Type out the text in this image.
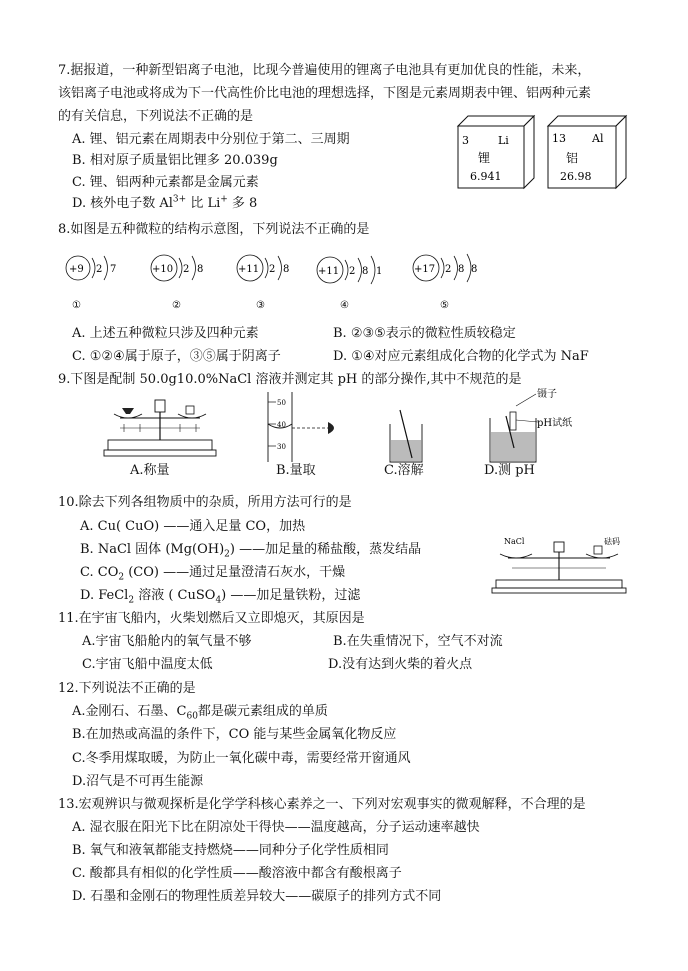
7.据报道，一种新型铝离子电池，比现今普遍使用的锂离子电池具有更加优良的性能，未来，
该铝离子电池或将成为下一代高性价比电池的理想选择，下图是元素周期表中锂、铝两种元素
的有关信息，下列说法不正确的是
A. 锂、铝元素在周期表中分别位于第二、三周期
B. 相对原子质量铝比锂多 20.039g
C. 锂、铝两种元素都是金属元素
D. 核外电子数 $Al^{3+}$ 比 Li+ 多 8
3	Li
锂
6.941
13 Al
铝
26.98
8.如图是五种微粒的结构示意图，下列说法不正确的是
+9 2 7
①
+10 2 8
②
+11 2 8
③
+11 2 8 1
④
+17 2 8 8
⑤
A. 上述五种微粒只涉及四种元素	B. ②③⑤表示的微粒性质较稳定
C. ①②④属于原子，③⑤属于阴离子	D. ①④对应元素组成化合物的化学式为 NaF
9.下图是配制 50.0g10.0%NaCl 溶液并测定其 pH 的部分操作,其中不规范的是
50
40
30
镊子
pH试纸
A.称量	B.量取	C.溶解	D.测 pH
10.除去下列各组物质中的杂质，所用方法可行的是
A. Cu( CuO) ——通入足量 CO，加热
B. NaCl 固体 $(Mg(OH)_2)$ ——加足量的稀盐酸，蒸发结晶
C. $CO_2$ (CO) ——通过足量澄清石灰水，干燥
D. FeCl$_2$ 溶液 ( CuSO$_4$) ——加足量铁粉，过滤
NaCl	砝码
11.在宇宙飞船内，火柴划燃后又立即熄灭，其原因是
A.宇宙飞船舱内的氧气量不够	B.在失重情况下，空气不对流
C.宇宙飞船中温度太低	D.没有达到火柴的着火点
12.下列说法不正确的是
A.金刚石、石墨、$C_{60}$都是碳元素组成的单质
B.在加热或高温的条件下，CO 能与某些金属氧化物反应
C.冬季用煤取暖，为防止一氧化碳中毒，需要经常开窗通风
D.沼气是不可再生能源
13.宏观辨识与微观探析是化学学科核心素养之一、下列对宏观事实的微观解释，不合理的是
A. 湿衣服在阳光下比在阴凉处干得快——温度越高，分子运动速率越快
B. 氧气和液氧都能支持燃烧——同种分子化学性质相同
C. 酸都具有相似的化学性质——酸溶液中都含有酸根离子
D. 石墨和金刚石的物理性质差异较大——碳原子的排列方式不同
